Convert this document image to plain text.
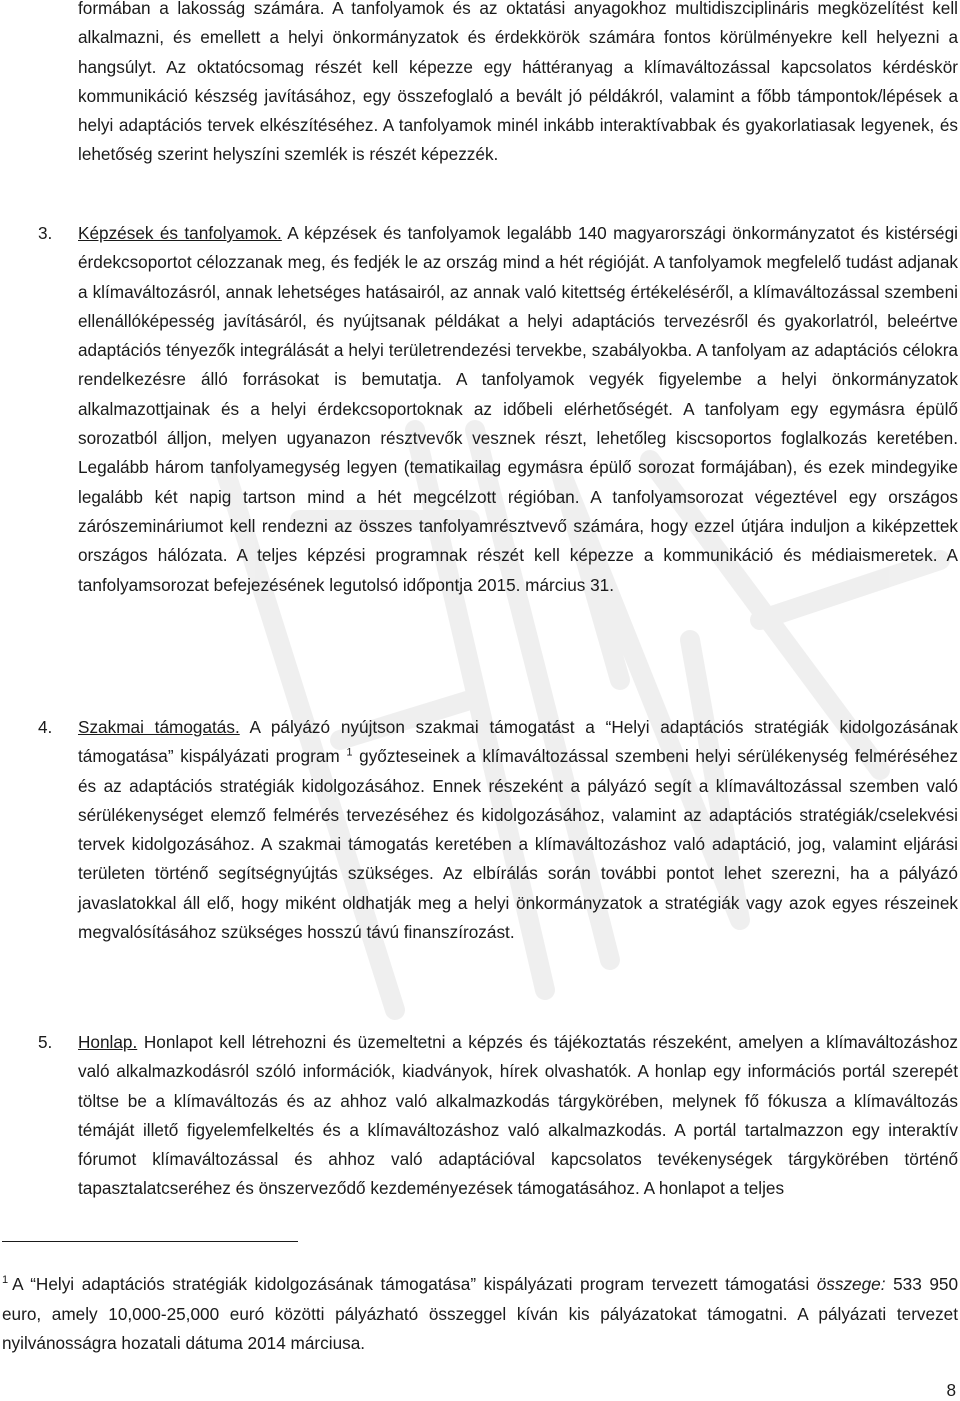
formában a lakosság számára. A tanfolyamok és az oktatási anyagokhoz multidiszciplináris megközelítést kell alkalmazni, és emellett a helyi önkormányzatok és érdekkörök számára fontos körülményekre kell helyezni a hangsúlyt. Az oktatócsomag részét kell képezze egy háttéranyag a klímaváltozással kapcsolatos kérdéskör kommunikáció készség javításához, egy összefoglaló a bevált jó példákról, valamint a főbb támpontok/lépések a helyi adaptációs tervek elkészítéséhez. A tanfolyamok minél inkább interaktívabbak és gyakorlatiasak legyenek, és lehetőség szerint helyszíni szemlék is részét képezzék.

3. Képzések és tanfolyamok. A képzések és tanfolyamok legalább 140 magyarországi önkormányzatot és kistérségi érdekcsoportot célozzanak meg, és fedjék le az ország mind a hét régióját. A tanfolyamok megfelelő tudást adjanak a klímaváltozásról, annak lehetséges hatásairól, az annak való kitettség értékeléséről, a klímaváltozással szembeni ellenállóképesség javításáról, és nyújtsanak példákat a helyi adaptációs tervezésről és gyakorlatról, beleértve adaptációs tényezők integrálását a helyi területrendezési tervekbe, szabályokba. A tanfolyam az adaptációs célokra rendelkezésre álló forrásokat is bemutatja. A tanfolyamok vegyék figyelembe a helyi önkormányzatok alkalmazottjainak és a helyi érdekcsoportoknak az időbeli elérhetőségét. A tanfolyam egy egymásra épülő sorozatból álljon, melyen ugyanazon résztvevők vesznek részt, lehetőleg kiscsoportos foglalkozás keretében. Legalább három tanfolyamegység legyen (tematikailag egymásra épülő sorozat formájában), és ezek mindegyike legalább két napig tartson mind a hét megcélzott régióban. A tanfolyamsorozat végeztével egy országos zárószemináriumot kell rendezni az összes tanfolyamrésztvevő számára, hogy ezzel útjára induljon a kiképzettek országos hálózata. A teljes képzési programnak részét kell képezze a kommunikáció és médiaismeretek. A tanfolyamsorozat befejezésének legutolsó időpontja 2015. március 31.

4. Szakmai támogatás. A pályázó nyújtson szakmai támogatást a “Helyi adaptációs stratégiák kidolgozásának támogatása” kispályázati program $^1$ győzteseinek a klímaváltozással szembeni helyi sérülékenység felméréséhez és az adaptációs stratégiák kidolgozásához. Ennek részeként a pályázó segít a klímaváltozással szemben való sérülékenységet elemző felmérés tervezéséhez és kidolgozásához, valamint az adaptációs stratégiák/cselekvési tervek kidolgozásához. A szakmai támogatás keretében a klímaváltozáshoz való adaptáció, jog, valamint eljárási területen történő segítségnyújtás szükséges. Az elbírálás során további pontot lehet szerezni, ha a pályázó javaslatokkal áll elő, hogy miként oldhatják meg a helyi önkormányzatok a stratégiák vagy azok egyes részeinek megvalósításához szükséges hosszú távú finanszírozást.

5. Honlap. Honlapot kell létrehozni és üzemeltetni a képzés és tájékoztatás részeként, amelyen a klímaváltozáshoz való alkalmazkodásról szóló információk, kiadványok, hírek olvashatók. A honlap egy információs portál szerepét töltse be a klímaváltozás és az ahhoz való alkalmazkodás tárgykörében, melynek fő fókusza a klímaváltozás témáját illető figyelemfelkeltés és a klímaváltozáshoz való alkalmazkodás. A portál tartalmazzon egy interaktív fórumot klímaváltozással és ahhoz való adaptációval kapcsolatos tevékenységek tárgykörében történő tapasztalatcseréhez és önszerveződő kezdeményezések támogatásához. A honlapot a teljes

$^1$ A “Helyi adaptációs stratégiák kidolgozásának támogatása” kispályázati program tervezett támogatási összege: 533 950 euro, amely 10,000-25,000 euró közötti pályázható összeggel kíván kis pályázatokat támogatni. A pályázati tervezet nyilvánosságra hozatali dátuma 2014 márciusa.

8
